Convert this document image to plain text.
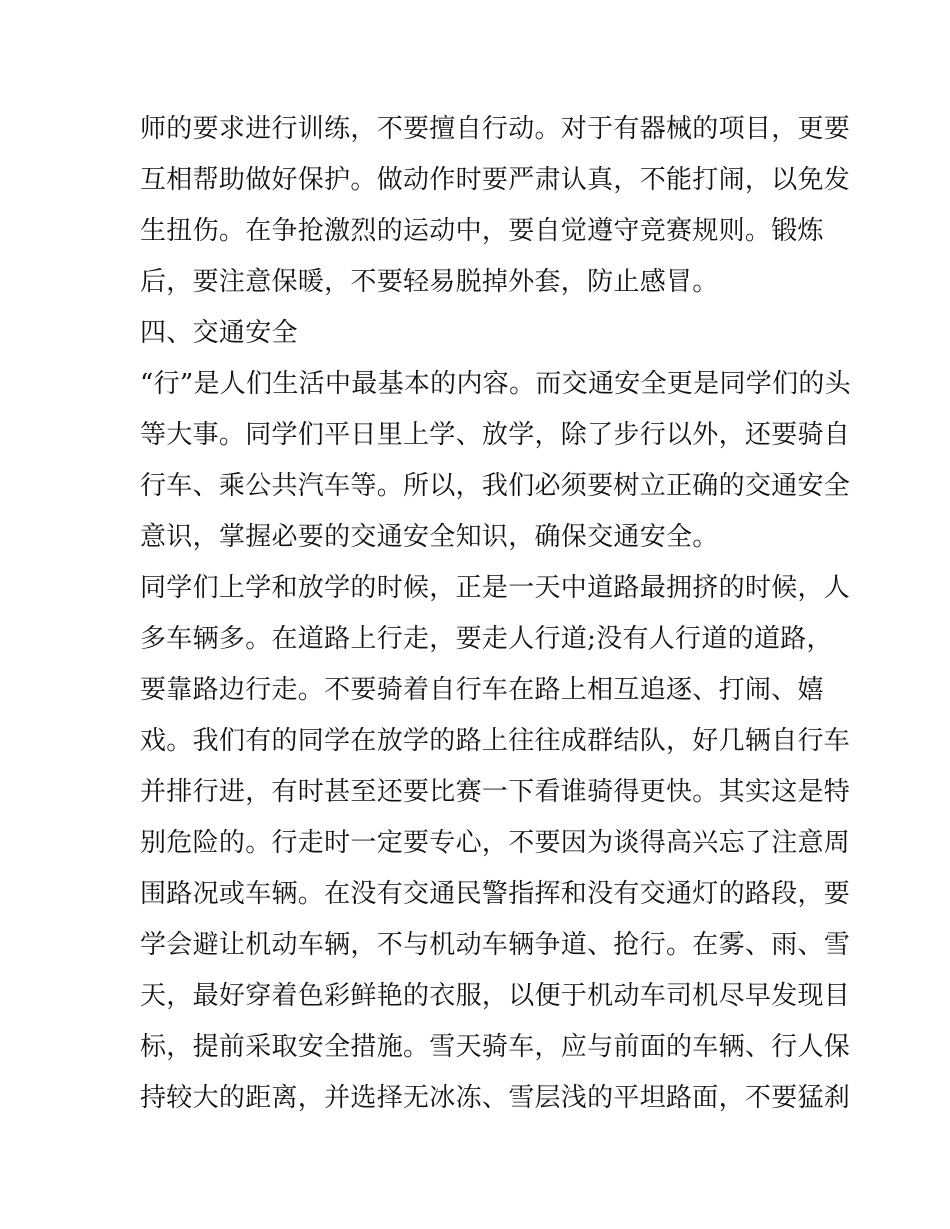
师的要求进行训练，不要擅自行动。对于有器械的项目，更要
互相帮助做好保护。做动作时要严肃认真，不能打闹，以免发
生扭伤。在争抢激烈的运动中，要自觉遵守竞赛规则。锻炼
后，要注意保暖，不要轻易脱掉外套，防止感冒。
四、交通安全
“行”是人们生活中最基本的内容。而交通安全更是同学们的头
等大事。同学们平日里上学、放学，除了步行以外，还要骑自
行车、乘公共汽车等。所以，我们必须要树立正确的交通安全
意识，掌握必要的交通安全知识，确保交通安全。
同学们上学和放学的时候，正是一天中道路最拥挤的时候，人
多车辆多。在道路上行走，要走人行道;没有人行道的道路，
要靠路边行走。不要骑着自行车在路上相互追逐、打闹、嬉
戏。我们有的同学在放学的路上往往成群结队，好几辆自行车
并排行进，有时甚至还要比赛一下看谁骑得更快。其实这是特
别危险的。行走时一定要专心，不要因为谈得高兴忘了注意周
围路况或车辆。在没有交通民警指挥和没有交通灯的路段，要
学会避让机动车辆，不与机动车辆争道、抢行。在雾、雨、雪
天，最好穿着色彩鲜艳的衣服，以便于机动车司机尽早发现目
标，提前采取安全措施。雪天骑车，应与前面的车辆、行人保
持较大的距离，并选择无冰冻、雪层浅的平坦路面，不要猛刹
